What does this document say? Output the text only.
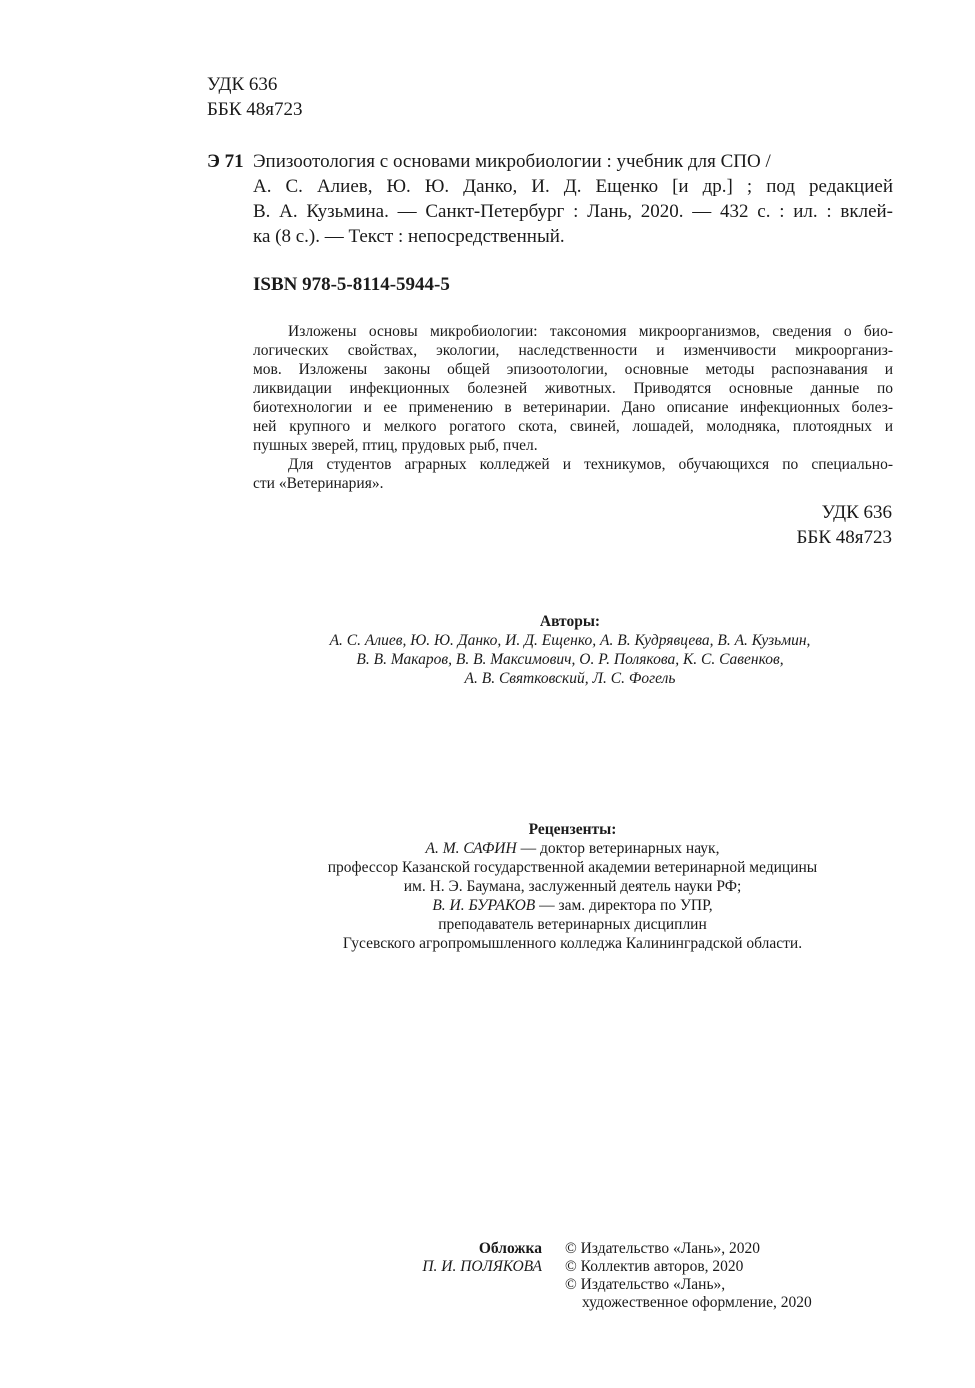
УДК 636
ББК 48я723
Э 71 Эпизоотология с основами микробиологии : учебник для СПО /
А. С. Алиев, Ю. Ю. Данко, И. Д. Ещенко [и др.] ; под редакцией
В. А. Кузьмина. — Санкт-Петербург : Лань, 2020. — 432 с. : ил. : вклей-
ка (8 с.). — Текст : непосредственный.
ISBN 978-5-8114-5944-5
Изложены основы микробиологии: таксономия микроорганизмов, сведения о био-
логических свойствах, экологии, наследственности и изменчивости микроорганиз-
мов. Изложены законы общей эпизоотологии, основные методы распознавания и
ликвидации инфекционных болезней животных. Приводятся основные данные по
биотехнологии и ее применению в ветеринарии. Дано описание инфекционных болез-
ней крупного и мелкого рогатого скота, свиней, лошадей, молодняка, плотоядных и
пушных зверей, птиц, прудовых рыб, пчел.
Для студентов аграрных колледжей и техникумов, обучающихся по специально-
сти «Ветеринария».
УДК 636
ББК 48я723
Авторы:
А. С. Алиев, Ю. Ю. Данко, И. Д. Ещенко, А. В. Кудрявцева, В. А. Кузьмин,
В. В. Макаров, В. В. Максимович, О. Р. Полякова, К. С. Савенков,
А. В. Святковский, Л. С. Фогель
Рецензенты:
А. М. САФИН — доктор ветеринарных наук,
профессор Казанской государственной академии ветеринарной медицины
им. Н. Э. Баумана, заслуженный деятель науки РФ;
В. И. БУРАКОВ — зам. директора по УПР,
преподаватель ветеринарных дисциплин
Гусевского агропромышленного колледжа Калининградской области.
Обложка
П. И. ПОЛЯКОВА
© Издательство «Лань», 2020
© Коллектив авторов, 2020
© Издательство «Лань»,
художественное оформление, 2020
